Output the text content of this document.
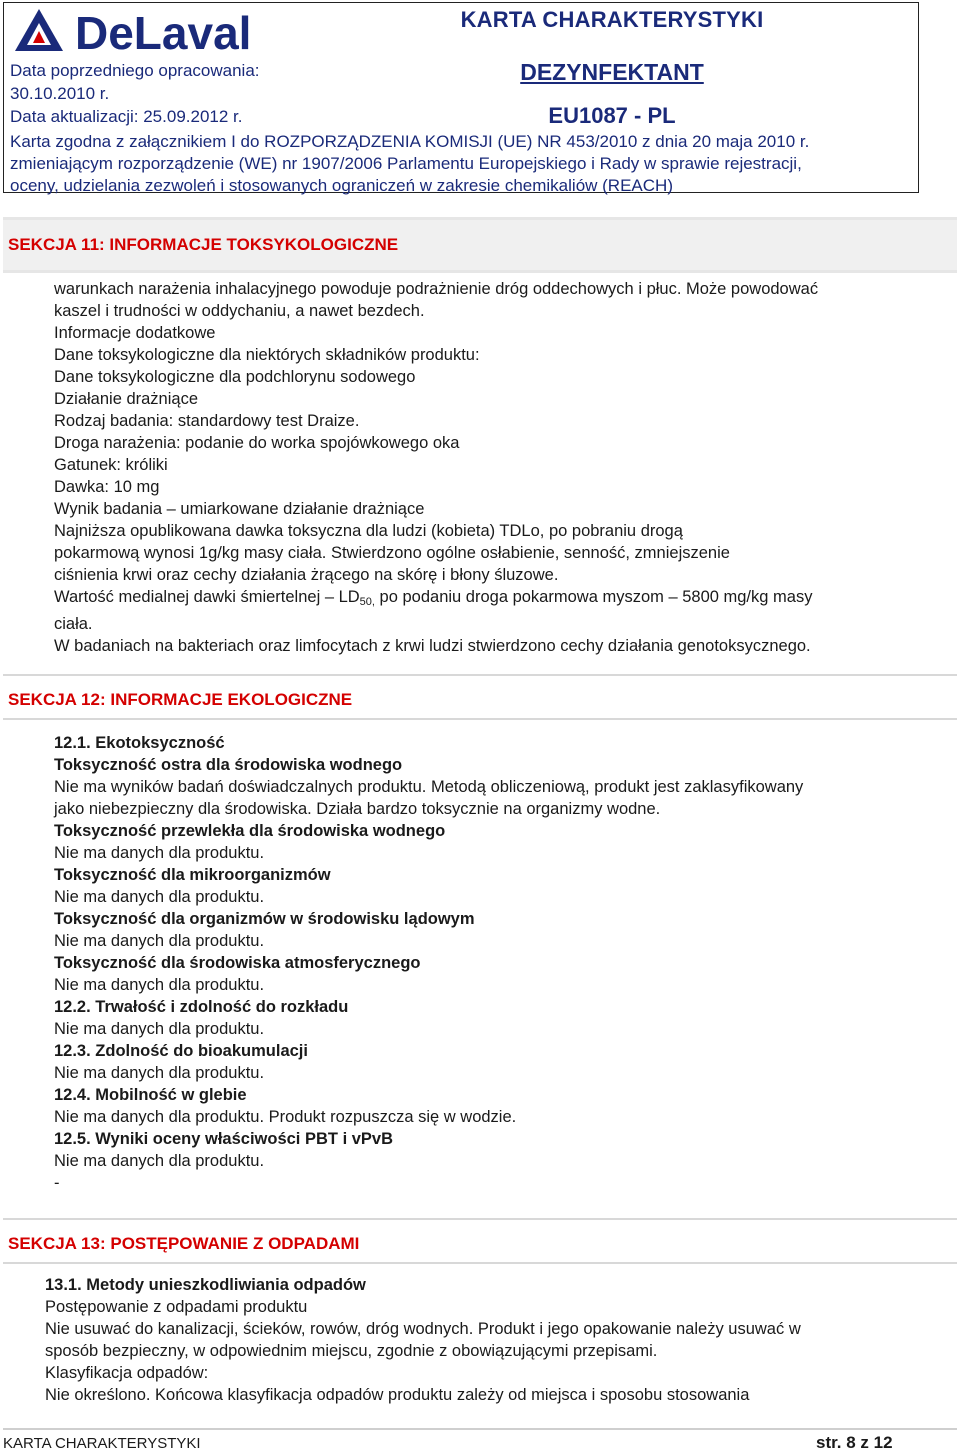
DeLaval	KARTA CHARAKTERYSTYKI
Data poprzedniego opracowania:
30.10.2010 r.
Data aktualizacji: 25.09.2012 r.
DEZYNFEKTANT
EU1087 - PL
Karta zgodna z załącznikiem I do ROZPORZĄDZENIA KOMISJI (UE) NR 453/2010 z dnia 20 maja 2010 r.
zmieniającym rozporządzenie (WE) nr 1907/2006 Parlamentu Europejskiego i Rady w sprawie rejestracji,
oceny, udzielania zezwoleń i stosowanych ograniczeń w zakresie chemikaliów (REACH)
SEKCJA 11: INFORMACJE TOKSYKOLOGICZNE
warunkach narażenia inhalacyjnego powoduje podrażnienie dróg oddechowych i płuc. Może powodować
kaszel i trudności w oddychaniu, a nawet bezdech.
Informacje dodatkowe
Dane toksykologiczne dla niektórych składników produktu:
Dane toksykologiczne dla podchlorynu sodowego
Działanie drażniące
Rodzaj badania: standardowy test Draize.
Droga narażenia: podanie do worka spojówkowego oka
Gatunek: króliki
Dawka: 10 mg
Wynik badania – umiarkowane działanie drażniące
Najniższa opublikowana dawka toksyczna dla ludzi (kobieta) TDLo, po pobraniu drogą
pokarmową wynosi 1g/kg masy ciała. Stwierdzono ogólne osłabienie, senność, zmniejszenie
ciśnienia krwi oraz cechy działania żrącego na skórę i błony śluzowe.
Wartość medialnej dawki śmiertelnej – $LD_{50,}$ po podaniu droga pokarmowa myszom – 5800 mg/kg masy
ciała.
W badaniach na bakteriach oraz limfocytach z krwi ludzi stwierdzono cechy działania genotoksycznego.
SEKCJA 12: INFORMACJE EKOLOGICZNE
12.1. Ekotoksyczność
Toksyczność ostra dla środowiska wodnego
Nie ma wyników badań doświadczalnych produktu. Metodą obliczeniową, produkt jest zaklasyfikowany
jako niebezpieczny dla środowiska. Działa bardzo toksycznie na organizmy wodne.
Toksyczność przewlekła dla środowiska wodnego
Nie ma danych dla produktu.
Toksyczność dla mikroorganizmów
Nie ma danych dla produktu.
Toksyczność dla organizmów w środowisku lądowym
Nie ma danych dla produktu.
Toksyczność dla środowiska atmosferycznego
Nie ma danych dla produktu.
12.2. Trwałość i zdolność do rozkładu
Nie ma danych dla produktu.
12.3. Zdolność do bioakumulacji
Nie ma danych dla produktu.
12.4. Mobilność w glebie
Nie ma danych dla produktu. Produkt rozpuszcza się w wodzie.
12.5. Wyniki oceny właściwości PBT i vPvB
Nie ma danych dla produktu.
-
SEKCJA 13: POSTĘPOWANIE Z ODPADAMI
13.1. Metody unieszkodliwiania odpadów
Postępowanie z odpadami produktu
Nie usuwać do kanalizacji, ścieków, rowów, dróg wodnych. Produkt i jego opakowanie należy usuwać w
sposób bezpieczny, w odpowiednim miejscu, zgodnie z obowiązującymi przepisami.
Klasyfikacja odpadów:
Nie określono. Końcowa klasyfikacja odpadów produktu zależy od miejsca i sposobu stosowania
KARTA CHARAKTERYSTYKI	str. 8 z 12
